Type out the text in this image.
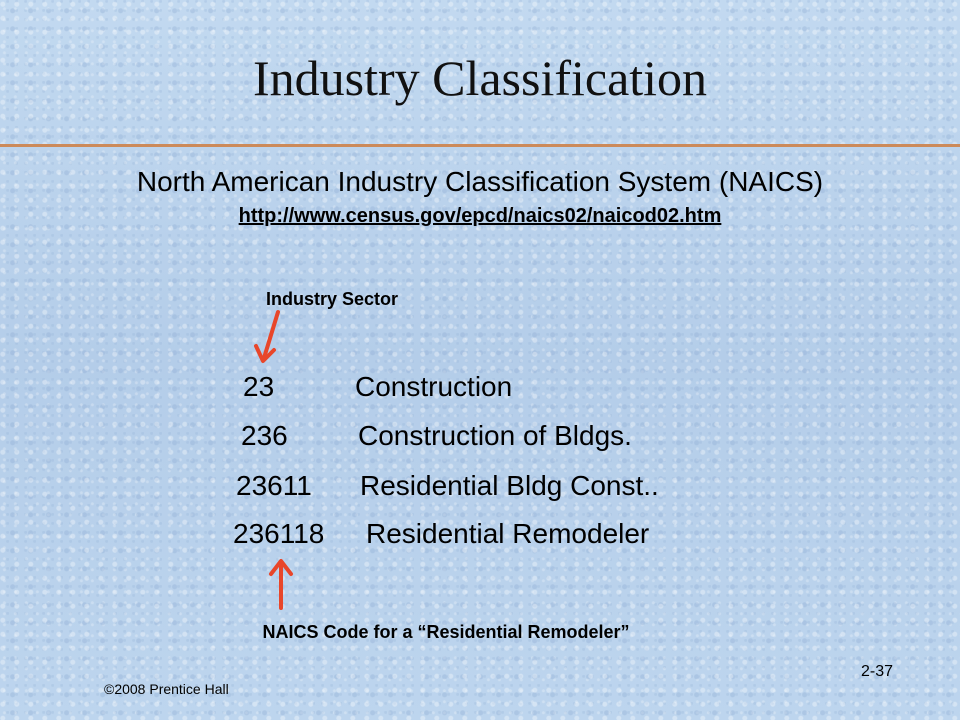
Industry Classification
North American Industry Classification System (NAICS)
http://www.census.gov/epcd/naics02/naicod02.htm
Industry Sector
23	Construction
236	Construction of Bldgs.
23611 Residential Bldg Const..
236118 Residential Remodeler
NAICS Code for a “Residential Remodeler”
©2008 Prentice Hall
2-37
